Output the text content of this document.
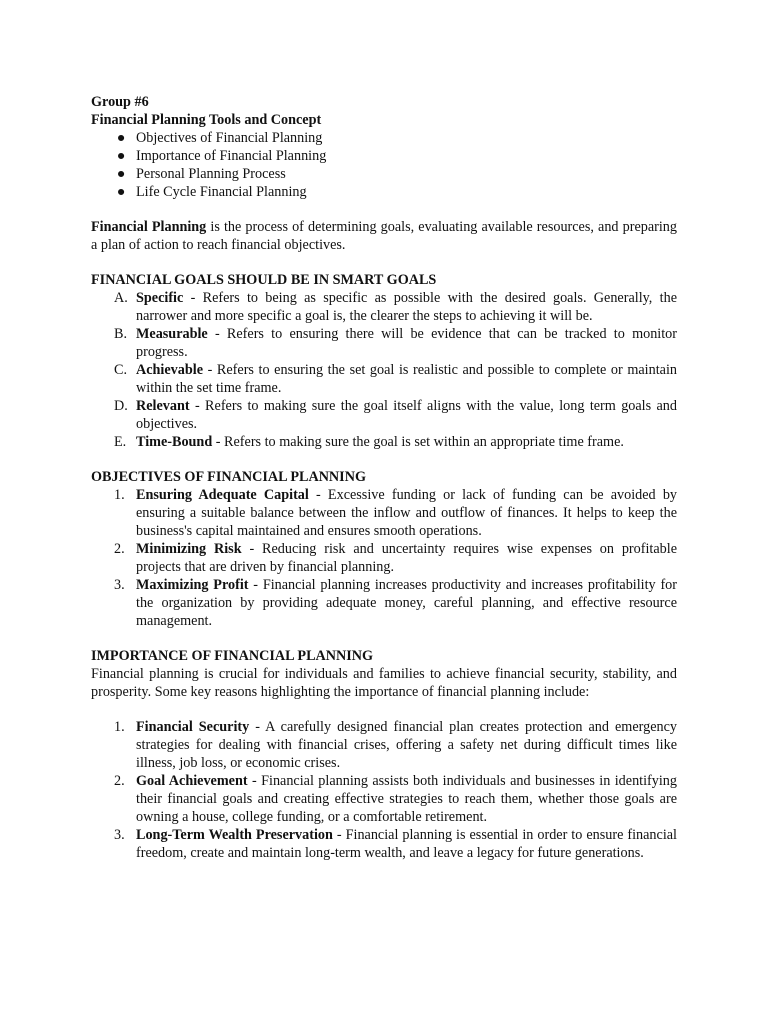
Group #6
Financial Planning Tools and Concept
● Objectives of Financial Planning
● Importance of Financial Planning
● Personal Planning Process
● Life Cycle Financial Planning
Financial Planning is the process of determining goals, evaluating available resources, and preparing a plan of action to reach financial objectives.
FINANCIAL GOALS SHOULD BE IN SMART GOALS
A. Specific - Refers to being as specific as possible with the desired goals. Generally, the narrower and more specific a goal is, the clearer the steps to achieving it will be.
B. Measurable - Refers to ensuring there will be evidence that can be tracked to monitor progress.
C. Achievable - Refers to ensuring the set goal is realistic and possible to complete or maintain within the set time frame.
D. Relevant - Refers to making sure the goal itself aligns with the value, long term goals and objectives.
E. Time-Bound - Refers to making sure the goal is set within an appropriate time frame.
OBJECTIVES OF FINANCIAL PLANNING
1. Ensuring Adequate Capital - Excessive funding or lack of funding can be avoided by ensuring a suitable balance between the inflow and outflow of finances. It helps to keep the business's capital maintained and ensures smooth operations.
2. Minimizing Risk - Reducing risk and uncertainty requires wise expenses on profitable projects that are driven by financial planning.
3. Maximizing Profit - Financial planning increases productivity and increases profitability for the organization by providing adequate money, careful planning, and effective resource management.
IMPORTANCE OF FINANCIAL PLANNING
Financial planning is crucial for individuals and families to achieve financial security, stability, and prosperity. Some key reasons highlighting the importance of financial planning include:
1. Financial Security - A carefully designed financial plan creates protection and emergency strategies for dealing with financial crises, offering a safety net during difficult times like illness, job loss, or economic crises.
2. Goal Achievement - Financial planning assists both individuals and businesses in identifying their financial goals and creating effective strategies to reach them, whether those goals are owning a house, college funding, or a comfortable retirement.
3. Long-Term Wealth Preservation - Financial planning is essential in order to ensure financial freedom, create and maintain long-term wealth, and leave a legacy for future generations.
